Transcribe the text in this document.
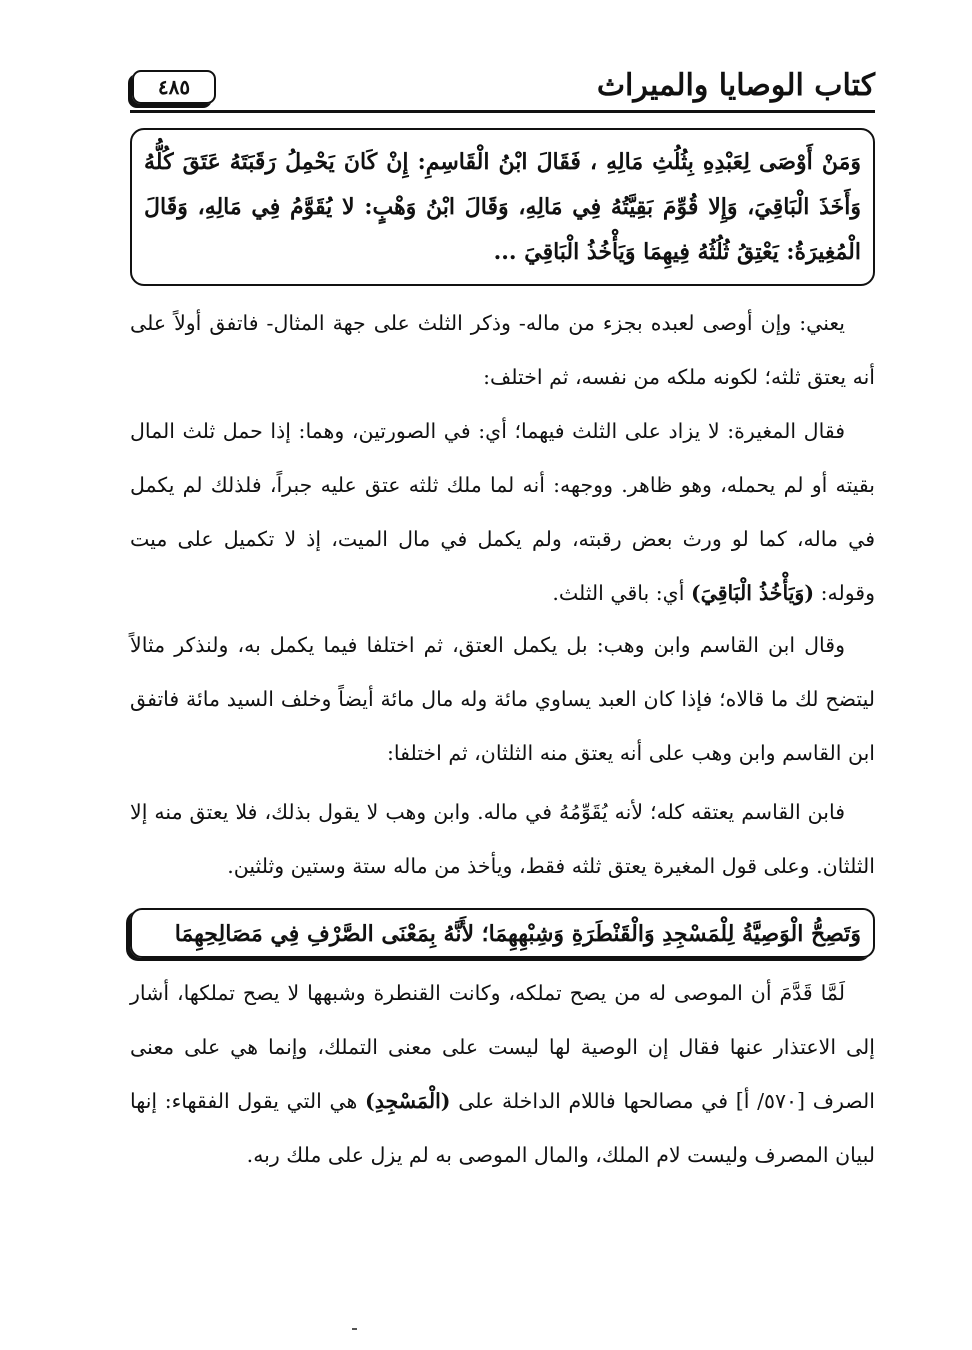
كتاب الوصايا والميراث
٤٨٥
وَمَنْ أَوْصَى لِعَبْدِهِ بِثُلُثِ مَالِهِ ، فَقَالَ ابْنُ الْقَاسِمِ: إِنْ كَانَ يَحْمِلُ رَقَبَتَهُ عَتَقَ كُلُّهُ وَأَخَذَ الْبَاقِيَ، وَإِلا قُوِّمَ بَقِيَّتُهُ فِي مَالِهِ، وَقَالَ ابْنُ وَهْبٍ: لا يُقَوَّمُ فِي مَالِهِ، وَقَالَ الْمُغِيرَةُ: يَعْتِقُ ثُلُثُهُ فِيهِمَا وَيَأْخُذُ الْبَاقِيَ ...
يعني: وإن أوصى لعبده بجزء من ماله- وذكر الثلث على جهة المثال- فاتفق أولاً على أنه يعتق ثلثه؛ لكونه ملكه من نفسه، ثم اختلف:
فقال المغيرة: لا يزاد على الثلث فيهما؛ أي: في الصورتين، وهما: إذا حمل ثلث المال بقيته أو لم يحمله، وهو ظاهر. ووجهه: أنه لما ملك ثلثه عتق عليه جبراً، فلذلك لم يكمل في ماله، كما لو ورث بعض رقبته، ولم يكمل في مال الميت، إذ لا تكميل على ميت وقوله: (وَيَأْخُذُ الْبَاقِيَ) أي: باقي الثلث.
وقال ابن القاسم وابن وهب: بل يكمل العتق، ثم اختلفا فيما يكمل به، ولنذكر مثالاً ليتضح لك ما قالاه؛ فإذا كان العبد يساوي مائة وله مال مائة أيضاً وخلف السيد مائة فاتفق ابن القاسم وابن وهب على أنه يعتق منه الثلثان، ثم اختلفا:
فابن القاسم يعتقه كله؛ لأنه يُقَوِّمُهُ في ماله. وابن وهب لا يقول بذلك، فلا يعتق منه إلا الثلثان. وعلى قول المغيرة يعتق ثلثه فقط، ويأخذ من ماله ستة وستين وثلثين.
وَتَصِحُّ الْوَصِيَّةُ لِلْمَسْجِدِ وَالْقَنْطَرَةِ وَشِبْهِهِمَا؛ لأَنَّهُ بِمَعْنَى الصَّرْفِ فِي مَصَالِحِهِمَا
لَمَّا قَدَّمَ أن الموصى له من يصح تملكه، وكانت القنطرة وشبهها لا يصح تملكها، أشار إلى الاعتذار عنها فقال إن الوصية لها ليست على معنى التملك، وإنما هي على معنى الصرف [٥٧٠/ أ] في مصالحها فاللام الداخلة على (الْمَسْجِدِ) هي التي يقول الفقهاء: إنها لبيان المصرف وليست لام الملك، والمال الموصى به لم يزل على ملك ربه.
